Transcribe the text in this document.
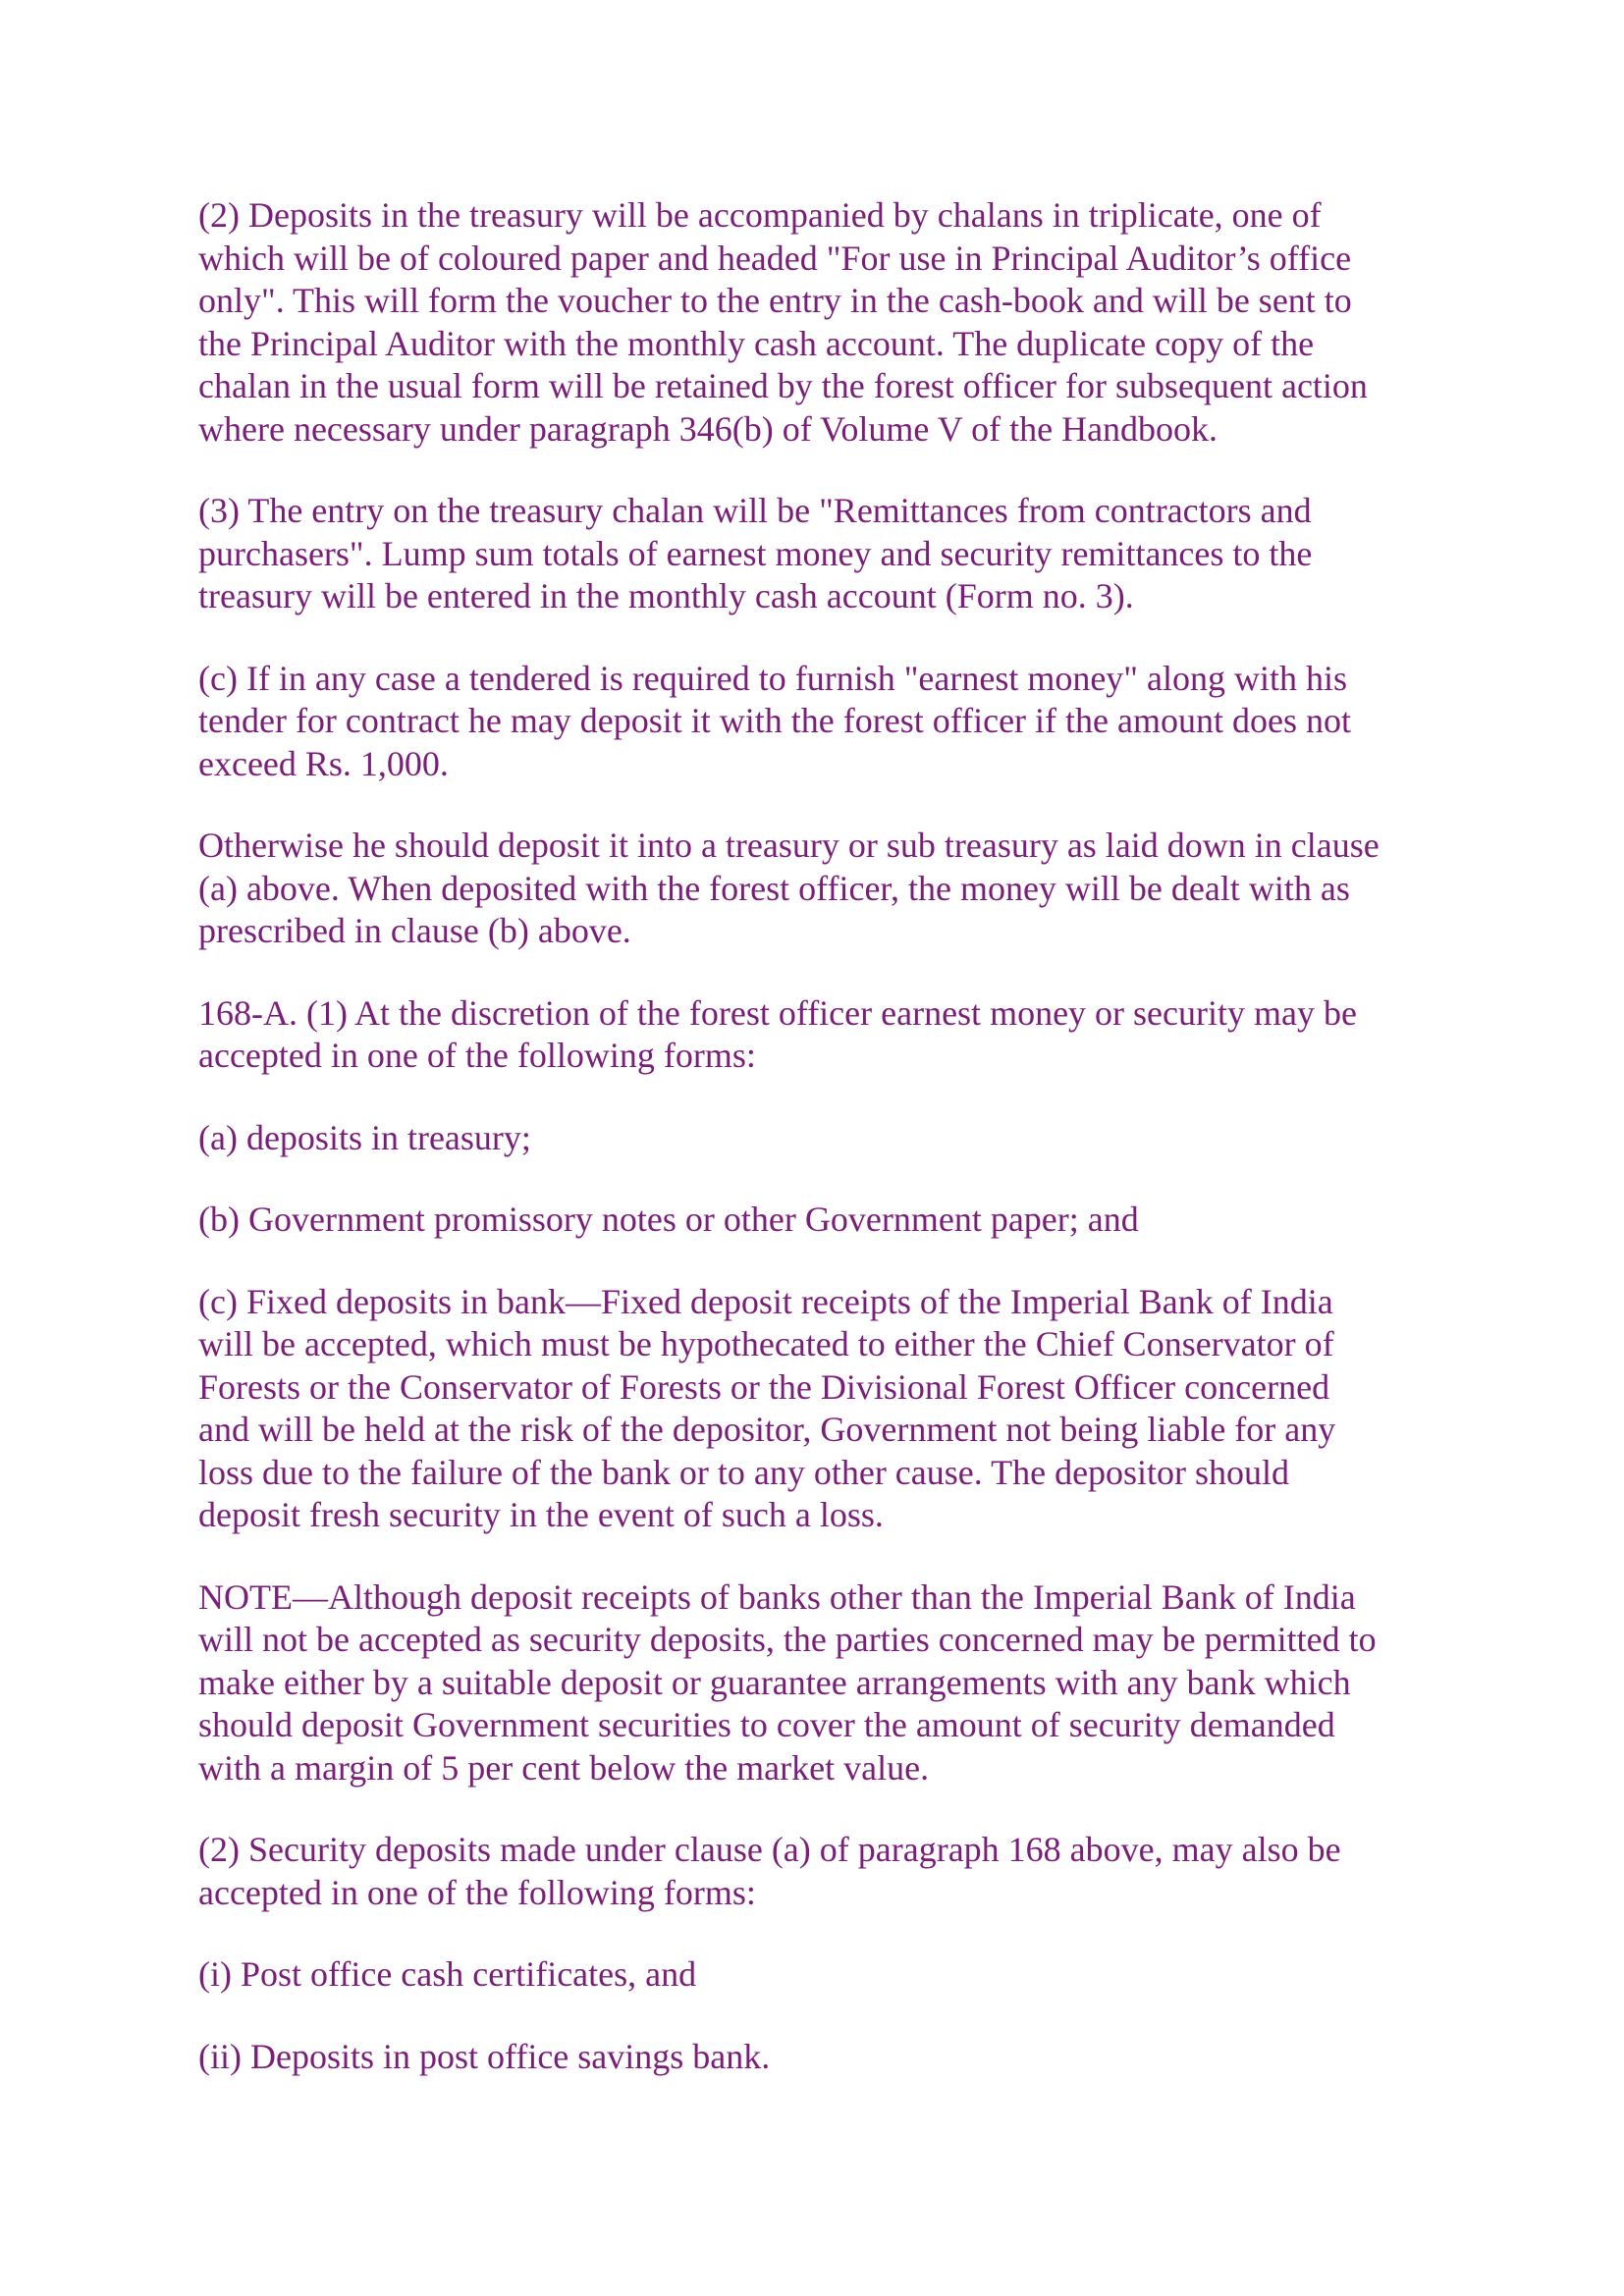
(2) Deposits in the treasury will be accompanied by chalans in triplicate, one of
which will be of coloured paper and headed "For use in Principal Auditor’s office
only". This will form the voucher to the entry in the cash-book and will be sent to
the Principal Auditor with the monthly cash account. The duplicate copy of the
chalan in the usual form will be retained by the forest officer for subsequent action
where necessary under paragraph 346(b) of Volume V of the Handbook.

(3) The entry on the treasury chalan will be "Remittances from contractors and
purchasers". Lump sum totals of earnest money and security remittances to the
treasury will be entered in the monthly cash account (Form no. 3).

(c) If in any case a tendered is required to furnish "earnest money" along with his
tender for contract he may deposit it with the forest officer if the amount does not
exceed Rs. 1,000.

Otherwise he should deposit it into a treasury or sub treasury as laid down in clause
(a) above. When deposited with the forest officer, the money will be dealt with as
prescribed in clause (b) above.

168-A. (1) At the discretion of the forest officer earnest money or security may be
accepted in one of the following forms:

(a) deposits in treasury;

(b) Government promissory notes or other Government paper; and

(c) Fixed deposits in bank—Fixed deposit receipts of the Imperial Bank of India
will be accepted, which must be hypothecated to either the Chief Conservator of
Forests or the Conservator of Forests or the Divisional Forest Officer concerned
and will be held at the risk of the depositor, Government not being liable for any
loss due to the failure of the bank or to any other cause. The depositor should
deposit fresh security in the event of such a loss.

NOTE—Although deposit receipts of banks other than the Imperial Bank of India
will not be accepted as security deposits, the parties concerned may be permitted to
make either by a suitable deposit or guarantee arrangements with any bank which
should deposit Government securities to cover the amount of security demanded
with a margin of 5 per cent below the market value.

(2) Security deposits made under clause (a) of paragraph 168 above, may also be
accepted in one of the following forms:

(i) Post office cash certificates, and

(ii) Deposits in post office savings bank.
